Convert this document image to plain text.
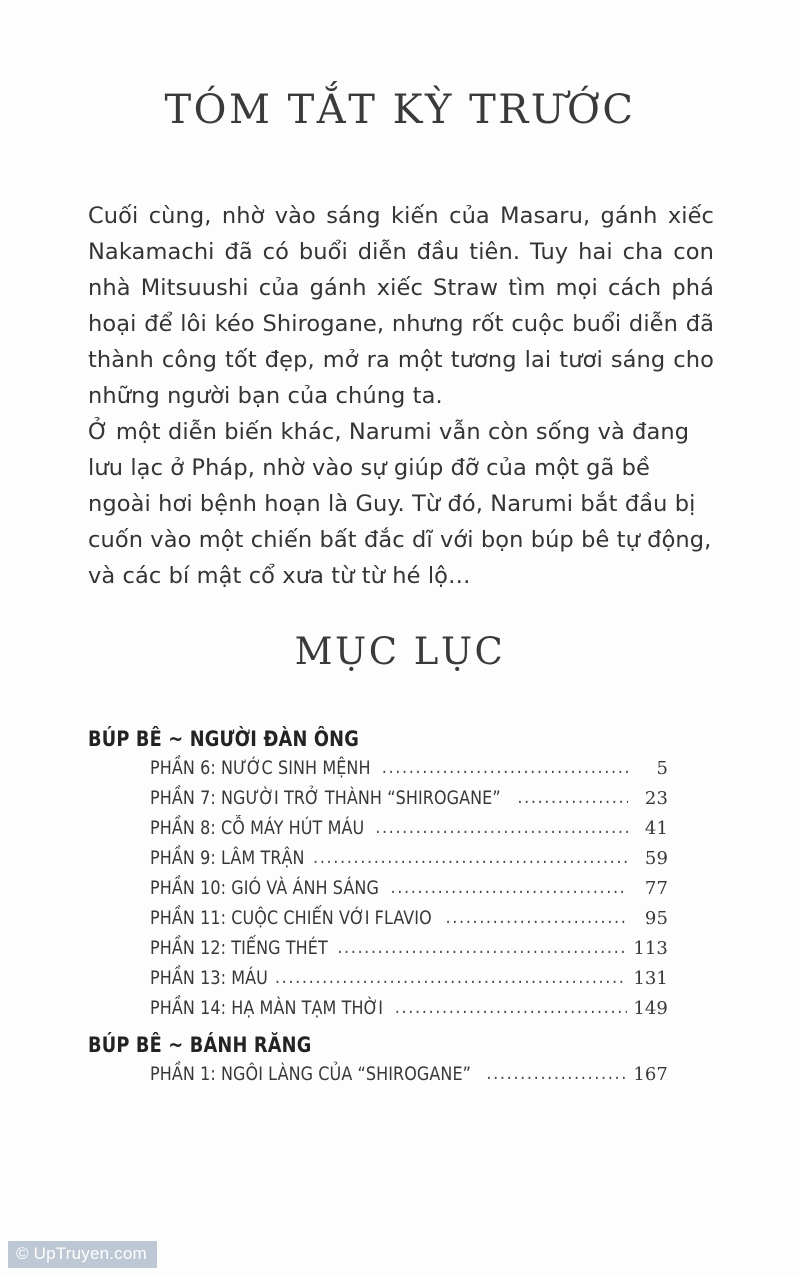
TÓM TẮT KỲ TRƯỚC

Cuối cùng, nhờ vào sáng kiến của Masaru, gánh xiếc Nakamachi đã có buổi diễn đầu tiên. Tuy hai cha con nhà Mitsuushi của gánh xiếc Straw tìm mọi cách phá hoại để lôi kéo Shirogane, nhưng rốt cuộc buổi diễn đã thành công tốt đẹp, mở ra một tương lai tươi sáng cho những người bạn của chúng ta.

Ở một diễn biến khác, Narumi vẫn còn sống và đang lưu lạc ở Pháp, nhờ vào sự giúp đỡ của một gã bề ngoài hơi bệnh hoạn là Guy. Từ đó, Narumi bắt đầu bị cuốn vào một chiến bất đắc dĩ với bọn búp bê tự động, và các bí mật cổ xưa từ từ hé lộ…

MỤC LỤC
BÚP BÊ ~ NGƯỜI ĐÀN ÔNG
PHẦN 6: NƯỚC SINH MỆNH .....	5
PHẦN 7: NGƯỜI TRỞ THÀNH “SHIROGANE” .....	23
PHẦN 8: CỖ MÁY HÚT MÁU .....	41
PHẦN 9: LÂM TRẬN .....	59
PHẦN 10: GIÓ VÀ ÁNH SÁNG .....	77
PHẦN 11: CUỘC CHIẾN VỚI FLAVIO .....	95
PHẦN 12: TIẾNG THÉT .....	113
PHẦN 13: MÁU .....	131
PHẦN 14: HẠ MÀN TẠM THỜI .....	149
BÚP BÊ ~ BÁNH RĂNG
PHẦN 1: NGÔI LÀNG CỦA “SHIROGANE” .....	167
© UpTruyen.com
